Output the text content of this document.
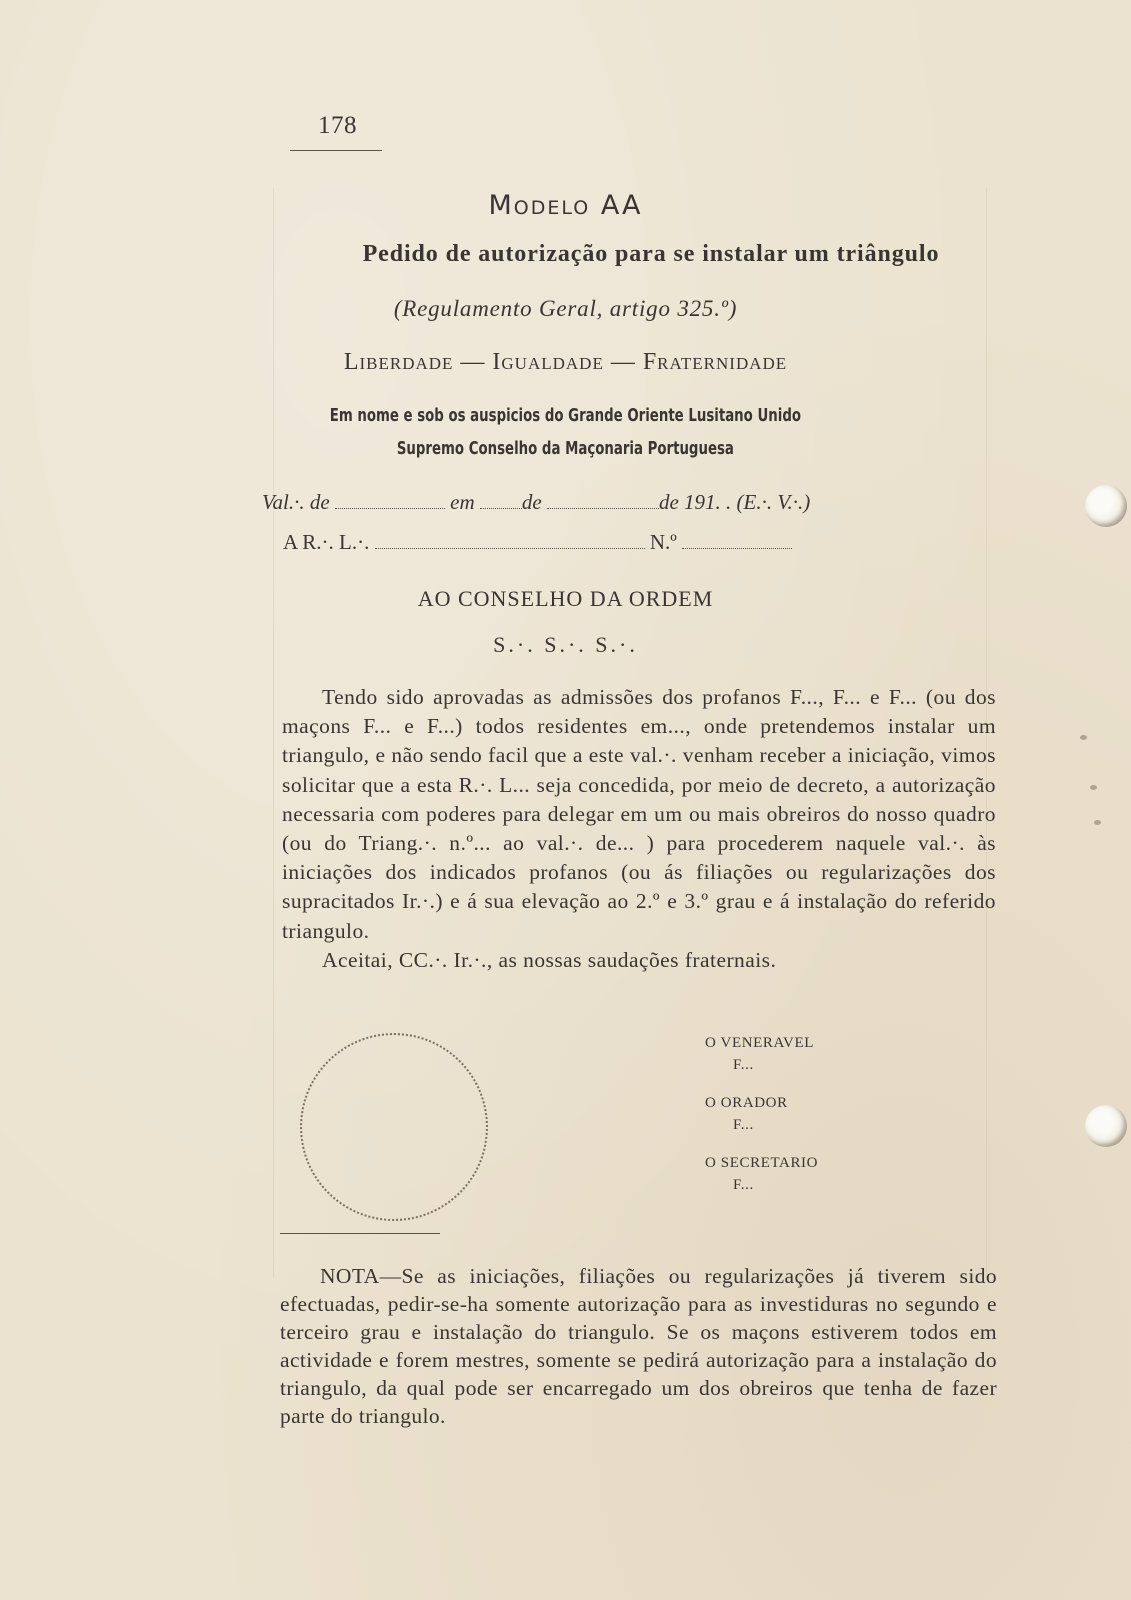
178
Modelo AA
Pedido de autorização para se instalar um triângulo
(Regulamento Geral, artigo 325.º)
Liberdade — Igualdade — Fraternidade
Em nome e sob os auspicios do Grande Oriente Lusitano Unido
Supremo Conselho da Maçonaria Portuguesa
Val.·. de	em de	de 191. . (E.·. V.·.)
A R.·. L.·.	N.º
AO CONSELHO DA ORDEM
S.·. S.·. S.·.

Tendo sido aprovadas as admissões dos profanos F..., F... e F... (ou dos maçons F... e F...) todos residentes em..., onde pretendemos instalar um triangulo, e não sendo facil que a este val.·. venham receber a iniciação, vimos solicitar que a esta R.·. L... seja concedida, por meio de decreto, a autorização necessaria com poderes para delegar em um ou mais obreiros do nosso quadro (ou do Triang.·. n.º... ao val.·. de... ) para procederem naquele val.·. às iniciações dos indicados profanos (ou ás filiações ou regularizações dos supracitados Ir.·.) e á sua elevação ao 2.º e 3.º grau e á instalação do referido triangulo.

Aceitai, CC.·. Ir.·., as nossas saudações fraternais.

O VENERAVEL
F...
O ORADOR
F...
O SECRETARIO
F...
NOTA—Se as iniciações, filiações ou regularizações já tiverem sido efectuadas, pedir-se-ha somente autorização para as investiduras no segundo e terceiro grau e instalação do triangulo. Se os maçons estiverem todos em actividade e forem mestres, somente se pedirá autorização para a instalação do triangulo, da qual pode ser encarregado um dos obreiros que tenha de fazer parte do triangulo.
